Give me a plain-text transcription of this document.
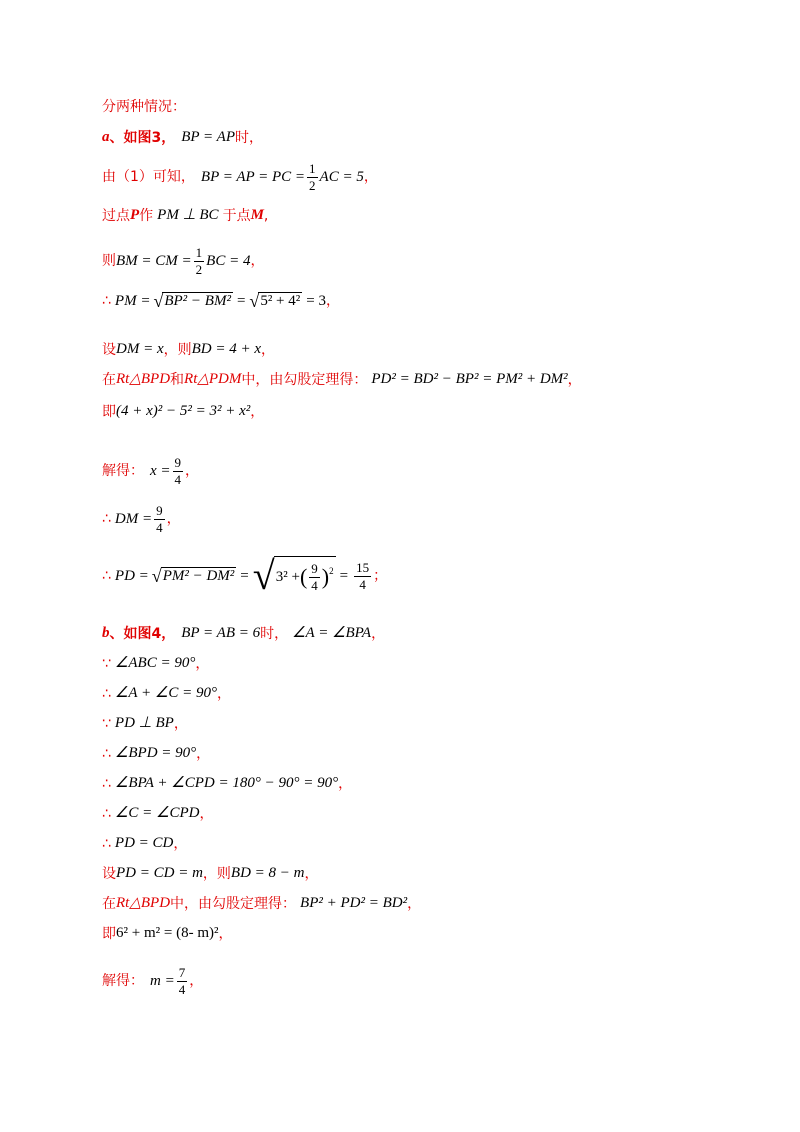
分两种情况：
a 、如图3， BP = AP 时，
由（1）可知， BP = AP = PC = $\frac{1}{2}$ AC = 5 ，
过点 P 作 PM ⊥ BC 于点 M ,
则 BM = CM = $\frac{1}{2}$ BC = 4 ，
∴ PM = √ BP² − BM² = √ 5² + 4² = 3 ，
设 DM = x ，则 BD = 4 + x ，
在 Rt△BPD 和 Rt△PDM 中，由勾股定理得： PD² = BD² − BP² = PM² + DM² ，
即 (4 + x)² − 5² = 3² + x² ，
解得： $x = \frac{9}{4}$ ，
∴ DM = $\frac{9}{4}$ ，
∴ PD = √ PM² − DM² = √ 3² + ( $\frac{9}{4}$ ) $2 = \frac{15}{4}$ ；
b 、如图4， BP = AB = 6 时， ∠A = ∠BPA ，
∵ ∠ABC = 90° ，
∴ ∠A + ∠C = 90° ，
∵ PD ⊥ BP ，
∴ ∠BPD = 90° ，
∴ ∠BPA + ∠CPD = 180° − 90° = 90° ，
∴ ∠C = ∠CPD ，
∴ PD = CD ，
设 PD = CD = m ，则 BD = 8 − m ，
在 Rt△BPD 中，由勾股定理得： BP² + PD² = BD² ，
即 6² + m² = (8- m)² ，
解得： $m = \frac{7}{4}$ ，
